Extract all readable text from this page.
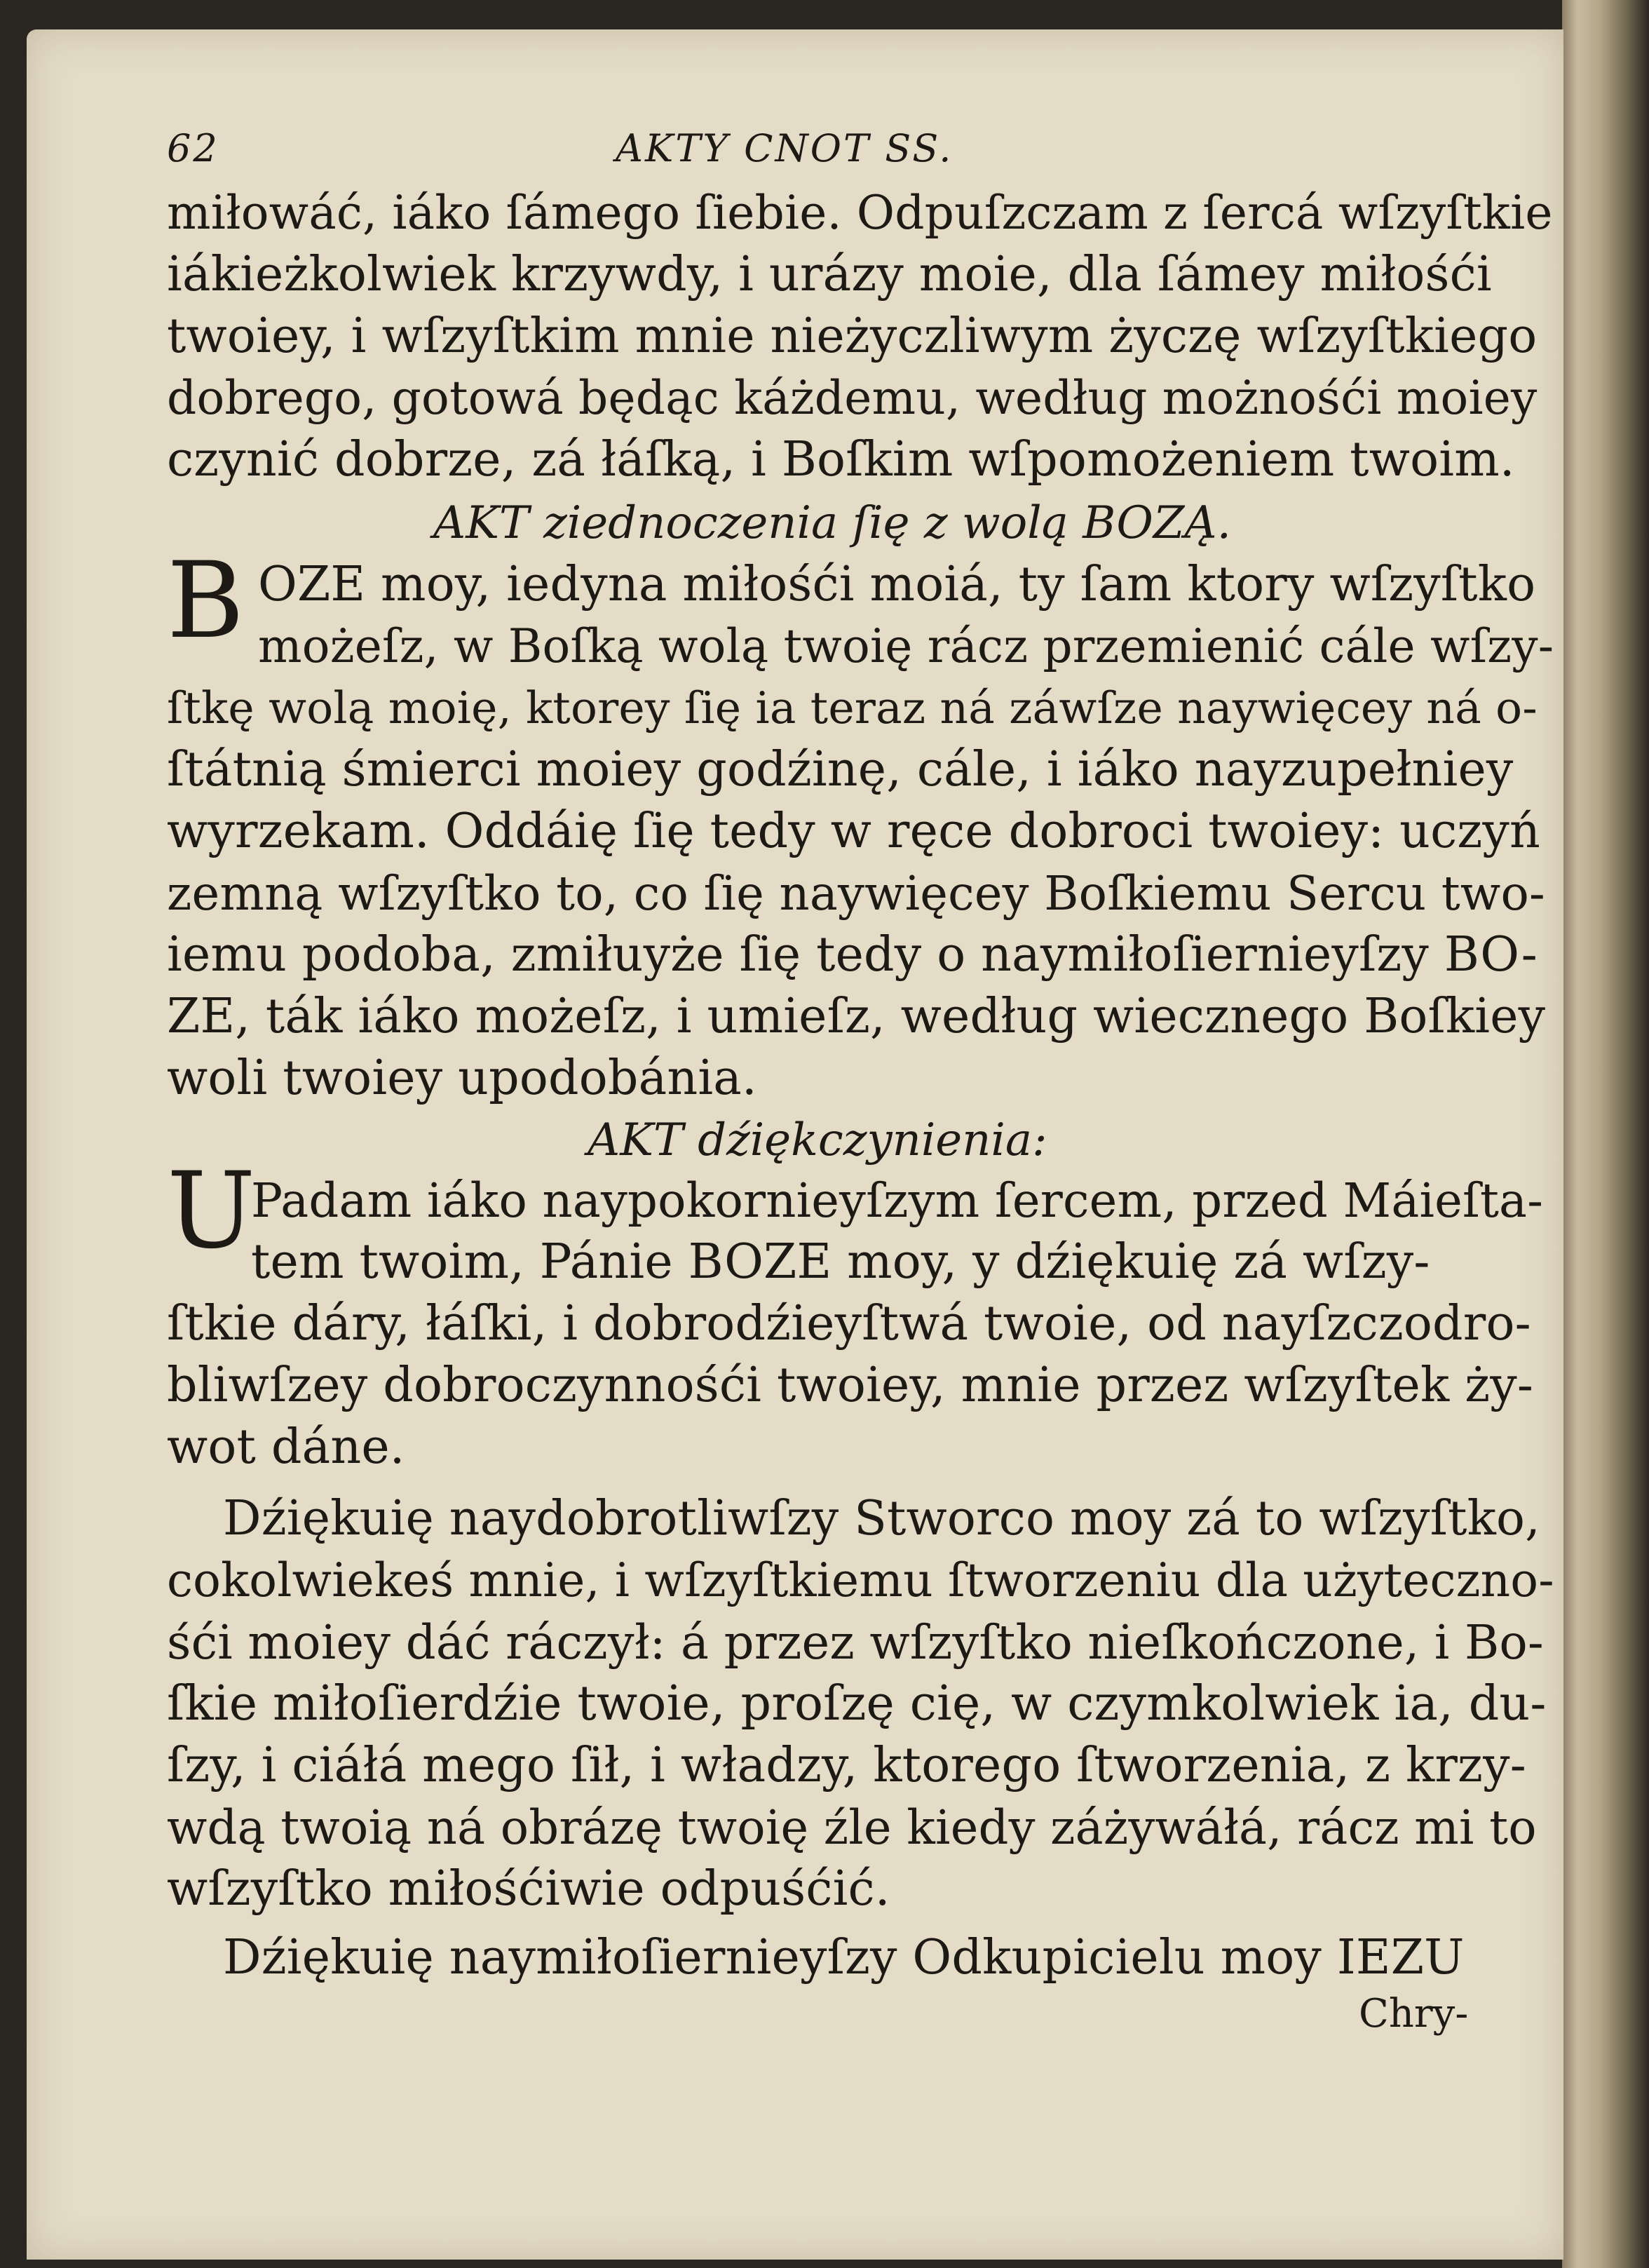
62	AKTY CNOT SS.
miłowáć, iáko ſámego ſiebie. Odpuſzczam z ſercá wſzyſtkie
iákieżkolwiek krzywdy, i urázy moie, dla ſámey miłośći
twoiey, i wſzyſtkim mnie nieżyczliwym życzę wſzyſtkiego
dobrego, gotowá będąc káżdemu, według możnośći moiey
czynić dobrze, zá łáſką, i Boſkim wſpomożeniem twoim.
AKT ziednoczenia ſię z wolą BOZĄ.
B OZE moy, iedyna miłośći moiá, ty ſam ktory wſzyſtko
możeſz, w Boſką wolą twoię rácz przemienić cále wſzy-
ſtkę wolą moię, ktorey ſię ia teraz ná záwſze naywięcey ná o-
ſtátnią śmierci moiey godźinę, cále, i iáko nayzupełniey
wyrzekam. Oddáię ſię tedy w ręce dobroci twoiey: uczyń
zemną wſzyſtko to, co ſię naywięcey Boſkiemu Sercu two-
iemu podoba, zmiłuyże ſię tedy o naymiłoſiernieyſzy BO-
ZE, ták iáko możeſz, i umieſz, według wiecznego Boſkiey
woli twoiey upodobánia.
AKT dźiękczynienia:
U
Padam iáko naypokornieyſzym ſercem, przed Máieſta-
tem twoim, Pánie BOZE moy, y dźiękuię zá wſzy-
ſtkie dáry, łáſki, i dobrodźieyſtwá twoie, od nayſzczodro-
bliwſzey dobroczynnośći twoiey, mnie przez wſzyſtek ży-
wot dáne.
Dźiękuię naydobrotliwſzy Stworco moy zá to wſzyſtko,
cokolwiekeś mnie, i wſzyſtkiemu ſtworzeniu dla użyteczno-
śći moiey dáć ráczył: á przez wſzyſtko nieſkończone, i Bo-
ſkie miłoſierdźie twoie, proſzę cię, w czymkolwiek ia, du-
ſzy, i ciáłá mego ſił, i władzy, ktorego ſtworzenia, z krzy-
wdą twoią ná obrázę twoię źle kiedy záżywáłá, rácz mi to
wſzyſtko miłośćiwie odpuśćić.
Dźiękuię naymiłoſiernieyſzy Odkupicielu moy IEZU
Chry-
